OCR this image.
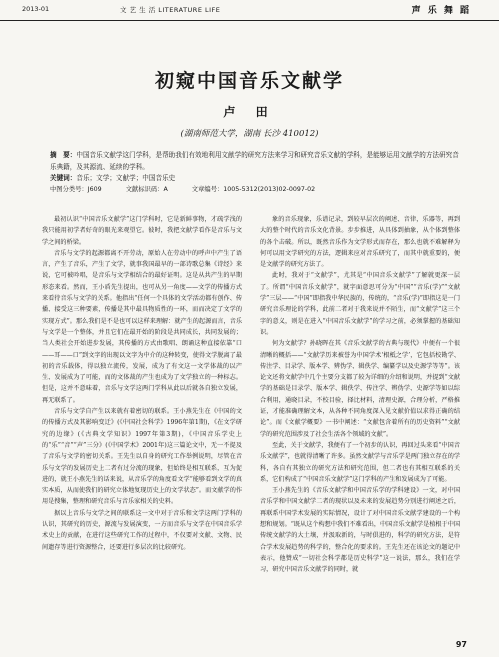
2013-01	文 艺 生 活 LITERATURE LIFE	声 乐 舞 蹈
初窥中国音乐文献学
卢 田
(湖南师范大学，湖南 长沙 410012)
摘　要：中国音乐文献学这门学科，是帮助我们有效地利用文献学的研究方法来学习和研究音乐文献的学科，是能够运用文献学的方法研究音乐典籍，及其源流、延续的学科。
关键词：音乐；文学；文献学；中国音乐史
中图分类号：J609	文献标识码：A	文章编号：1005-5312(2013)02-0097-02

最初认识“中国音乐文献学”这门学科时，它是新鲜事物，才疏学浅的我只能用初学者好奇的眼光来观望它。彼时，我把文献学看作是音乐与文学之间的桥梁。

音乐与文学的起源都离不开劳动，原始人在劳动中的呼声中产生了语言，产生了音乐，产生了文学，就事我国最早的一部诗歌总集《诗经》来说，它可被吟唱，是音乐与文学相结合的最好证明。这是从共产生的早期形态来看。然而，王小盾先生提出，也可从另一角度——文学的传播方式来看待音乐与文学的关系。他指出“任何一个具体的文学活动都有创作、传播、接受这三种要素，传播是其中最具物质性的一环，而而决定了文学的实现方式”。那么我们是不是也可以这样来理解：就产生的起源而言，音乐与文学是一个整体，并且它们在最开始的阶段是共同成长，共同发展的；当人类社会开始进步发展，其传播的方式由歌唱、朗诵这种直接依靠“口——耳——口”到文字的出现以文字为中介的这种转变，使得文学脱离了最初的音乐载体，得以独立流传，发展，成为了有文这一文学体裁的以产生、发展成为了可能，而的文体裁的产生也成为了文学独立的一种标志。但是，这并不意味着，音乐与文学这两门学科从此以后就各自独立发展，再无联系了。

音乐与文学自产生以来就有着密切的联系。王小燕先生在《中国的文的传播方式及其影响变迁》(《中国社会科学》1996年第1期)，《在文学研究的边缘》(《古典文学知识》1997年第3期)，《中国音乐学史上的“乐”“音”“声”三分》(《中国学术》2001年)这三篇论文中，无一不提及了音乐与文学的密切关系。王先生以自身的研究工作举例说明，尽管在音乐与文学的发展历史上二者有过分流的现象，但始终是相互联系，互为促进的，就王小燕先生的话来说，从音乐学的角度看文学“能够看到文学的真实本质，从而使我们的研究立体地复现历史上的文学状态”。而文献学的作用是搜集，整理和研究音乐与音乐家相关的史料。

据以上音乐与文学之间的联系这一文中对于音乐和文学这两门学科的认识，其研究的历史，源流与发展演变，一方而音乐与文学在中国音乐学术史上的贡献，在进行这些研究工作的过程中，不仅要对文献、文物、民间遗存等进行资源整合，还要进行多层次的比较研究。

象的音乐现象，乐谱记录，到较早层次的阐述、音律，乐器等，再到大的整个时代的音乐文化背景。步步推进，从具体到抽象，从个体到整体的各个击破。所以，既然音乐作为文学形式而存在，那么也就不难解释为何可以用文学研究的方法，逻辑来应对音乐研究了，而其中就重要的，便是文献学的研究方法了。

此时，我对于“文献学”，尤其是“中国音乐文献学”了解就更深一层了。所谓“中国音乐文献学”，就字面意思可分为“中国”“音乐(学)”“文献学”三层——“中国”即指我中华民族的，传统的，“音乐(学)”即指这是一门研究音乐理论的学科，此前二者对于我来说并不陌生，而“文献学”这三个字的意义，则是在进入“中国音乐文献学”的学习之前，必须掌握的基础知识。

何为文献学？孙晓晖在其《音乐文献学的古典与现代》中便有一个很清晰的概括——“文献学历来被誉为中国学术‘根柢之学’，它包括校勘学、传注学、目录学、版本学、辨伪学、辑佚学、编纂学以及史源学等等”。该论文还将文献学中几个主要分支都了较为详细的介绍和说明，并提到“文献学的基础是目录学、版本学、辑佚学、传注学、辨伪学、史源学等如以综合利用，通晓目录，不校目验，择比材料，清理史源，合理分析，严格推证，才能准确理解文本，从各种不同角度深入见文献价值以求得正确的结论”。而《文献学概要》一书中阐述：“文献包含着所有的历史资料”“文献学的研究范围涉及了社会生活各个领域的文献”。

至此，关于文献学，我便有了一个初步的认识，再回过头来看“中国音乐文献学”，也就得清晰了许多。虽然文献学与音乐学是两门独立存在的学科，各自有其独立的研究方法和研究范围，但二者也有其相互联系的关系，它们构成了“中国音乐文献学”这门学科的产生和发展成为了可能。

王小燕先生的《音乐文献学和中国音乐学的学科建设》一文，对中国音乐学和中国文献学二者的现状以及未来的发展趋势分别进行阐述之后，再联系中国学术发展的实际情况，设计了对中国音乐文献学建设的一个构想和规划。“既从这个构想中我们不难看出，中国音乐文献学是植根于中国传统文献学的大土壤，并汲取新的，与时俱进的，科学的研究方法，是符合学术发展趋势的科学的，整合化的要求的。王先生还在该论文的题记中表示，他赞成“一切社会科学都是历史科学”这一说法，那么，我们在学习，研究中国音乐文献学的同时，就

97
